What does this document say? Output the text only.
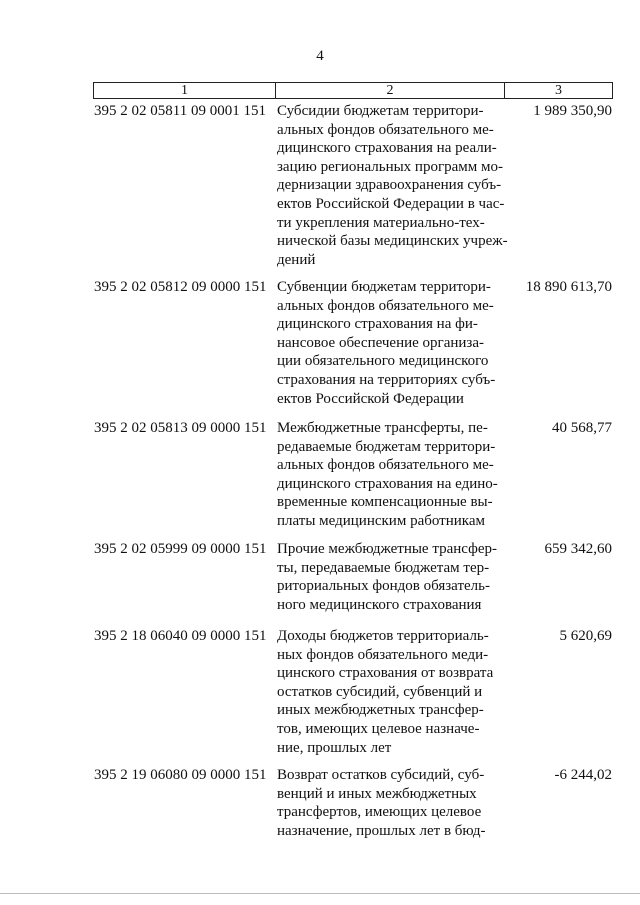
4
1	2	3
395 2 02 05811 09 0001 151 Субсидии бюджетам территори-
альных фондов обязательного ме-
дицинского страхования на реали-
зацию региональных программ мо-
дернизации здравоохранения субъ-
ектов Российской Федерации в час-
ти укрепления материально-тех-
нической базы медицинских учреж-
дений
1 989 350,90
395 2 02 05812 09 0000 151 Субвенции бюджетам территори-
альных фондов обязательного ме-
дицинского страхования на фи-
нансовое обеспечение организа-
ции обязательного медицинского
страхования на территориях субъ-
ектов Российской Федерации
18 890 613,70
395 2 02 05813 09 0000 151 Межбюджетные трансферты, пе-
редаваемые бюджетам территори-
альных фондов обязательного ме-
дицинского страхования на едино-
временные компенсационные вы-
платы медицинским работникам
40 568,77
395 2 02 05999 09 0000 151 Прочие межбюджетные трансфер-
ты, передаваемые бюджетам тер-
риториальных фондов обязатель-
ного медицинского страхования
659 342,60
395 2 18 06040 09 0000 151 Доходы бюджетов территориаль-
ных фондов обязательного меди-
цинского страхования от возврата
остатков субсидий, субвенций и
иных межбюджетных трансфер-
тов, имеющих целевое назначе-
ние, прошлых лет
5 620,69
395 2 19 06080 09 0000 151 Возврат остатков субсидий, суб-
венций и иных межбюджетных
трансфертов, имеющих целевое
назначение, прошлых лет в бюд-
-6 244,02
